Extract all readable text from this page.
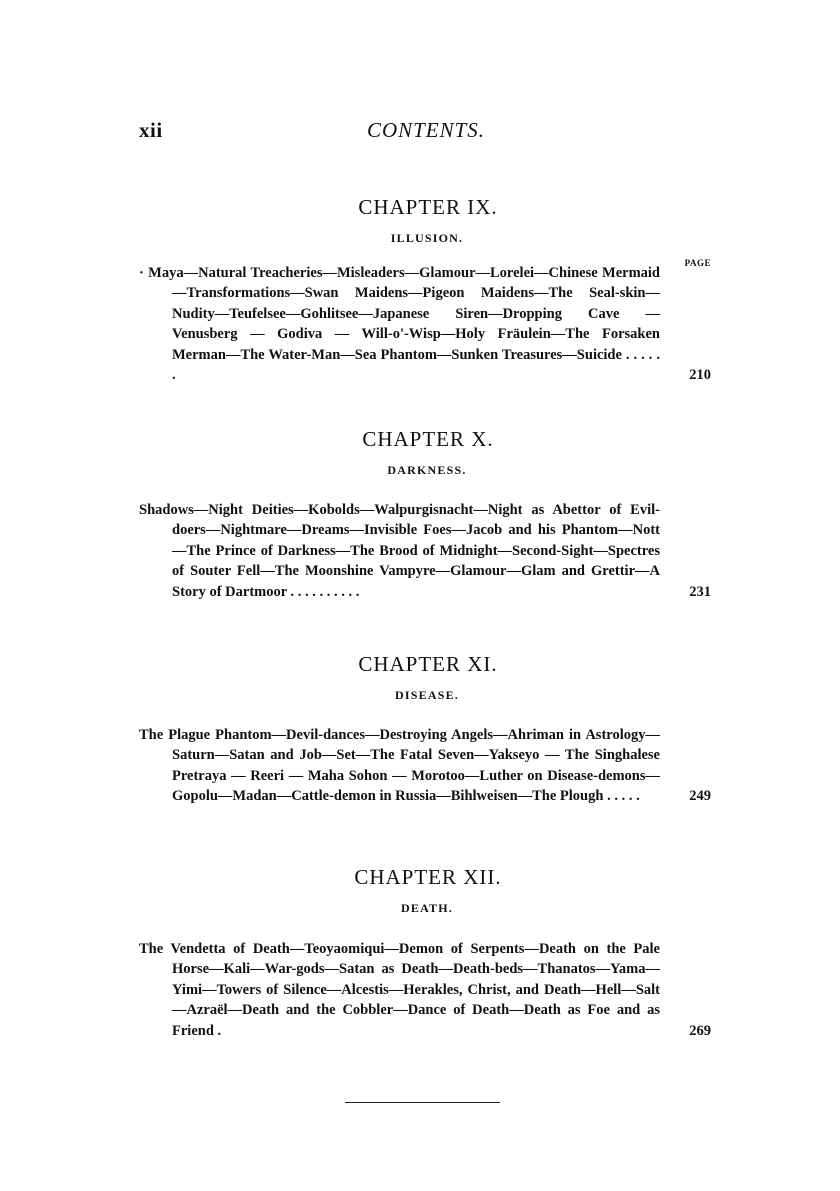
xii	CONTENTS.
CHAPTER IX.
ILLUSION.
PAGE
· Maya—Natural Treacheries—Misleaders—Glamour—Lorelei—Chinese Mermaid—Transformations—Swan Maidens—Pigeon Maidens—The Seal-skin—Nudity—Teufelsee—Gohlitsee—Japanese Siren—Dropping Cave — Venusberg — Godiva — Will-o'-Wisp—Holy Fräulein—The Forsaken Merman—The Water-Man—Sea Phantom—Sunken Treasures—Suicide . . . . . .	210
CHAPTER X.
DARKNESS.
Shadows—Night Deities—Kobolds—Walpurgisnacht—Night as Abettor of Evil-doers—Nightmare—Dreams—Invisible Foes—Jacob and his Phantom—Nott—The Prince of Darkness—The Brood of Midnight—Second-Sight—Spectres of Souter Fell—The Moonshine Vampyre—Glamour—Glam and Grettir—A Story of Dartmoor . . . . . . . . . .	231
CHAPTER XI.
DISEASE.
The Plague Phantom—Devil-dances—Destroying Angels—Ahriman in Astrology—Saturn—Satan and Job—Set—The Fatal Seven—Yakseyo — The Singhalese Pretraya — Reeri — Maha Sohon — Morotoo—Luther on Disease-demons—Gopolu—Madan—Cattle-demon in Russia—Bihlweisen—The Plough . . . . .	249
CHAPTER XII.
DEATH.
The Vendetta of Death—Teoyaomiqui—Demon of Serpents—Death on the Pale Horse—Kali—War-gods—Satan as Death—Death-beds—Thanatos—Yama—Yimi—Towers of Silence—Alcestis—Herakles, Christ, and Death—Hell—Salt—Azraël—Death and the Cobbler—Dance of Death—Death as Foe and as Friend .	269
